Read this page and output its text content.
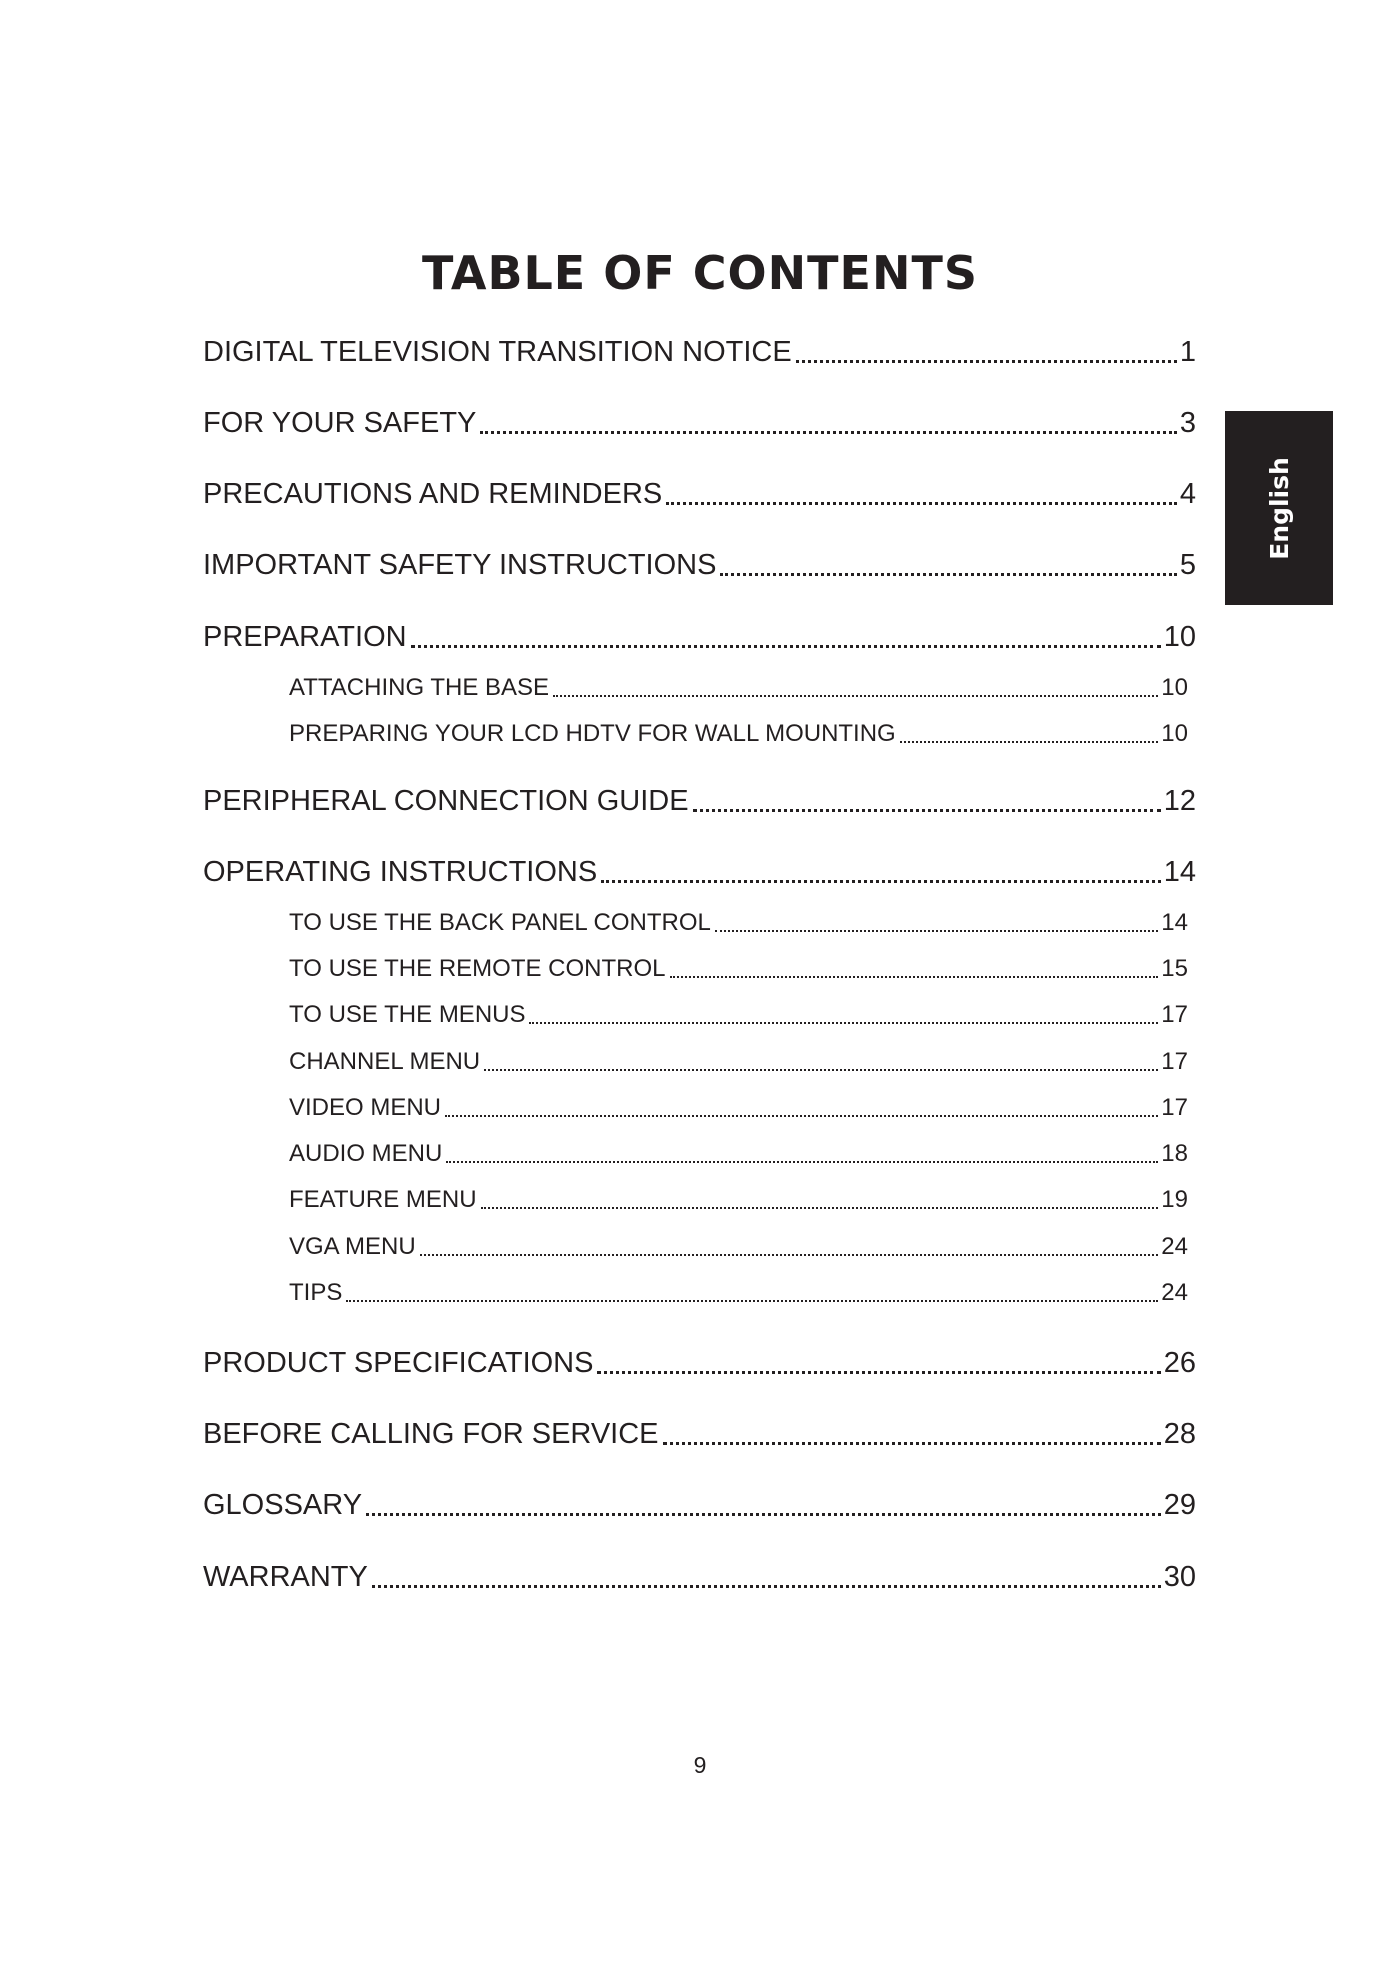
TABLE OF CONTENTS
English
DIGITAL TELEVISION TRANSITION NOTICE	1
FOR YOUR SAFETY	3
PRECAUTIONS AND REMINDERS	4
IMPORTANT SAFETY INSTRUCTIONS	5
PREPARATION	10
ATTACHING THE BASE	10
PREPARING YOUR LCD HDTV FOR WALL MOUNTING	10
PERIPHERAL CONNECTION GUIDE	12
OPERATING INSTRUCTIONS	14
TO USE THE BACK PANEL CONTROL	14
TO USE THE REMOTE CONTROL	15
TO USE THE MENUS	17
CHANNEL MENU	17
VIDEO MENU	17
AUDIO MENU	18
FEATURE MENU	19
VGA MENU	24
TIPS	24
PRODUCT SPECIFICATIONS	26
BEFORE CALLING FOR SERVICE	28
GLOSSARY	29
WARRANTY	30
9
